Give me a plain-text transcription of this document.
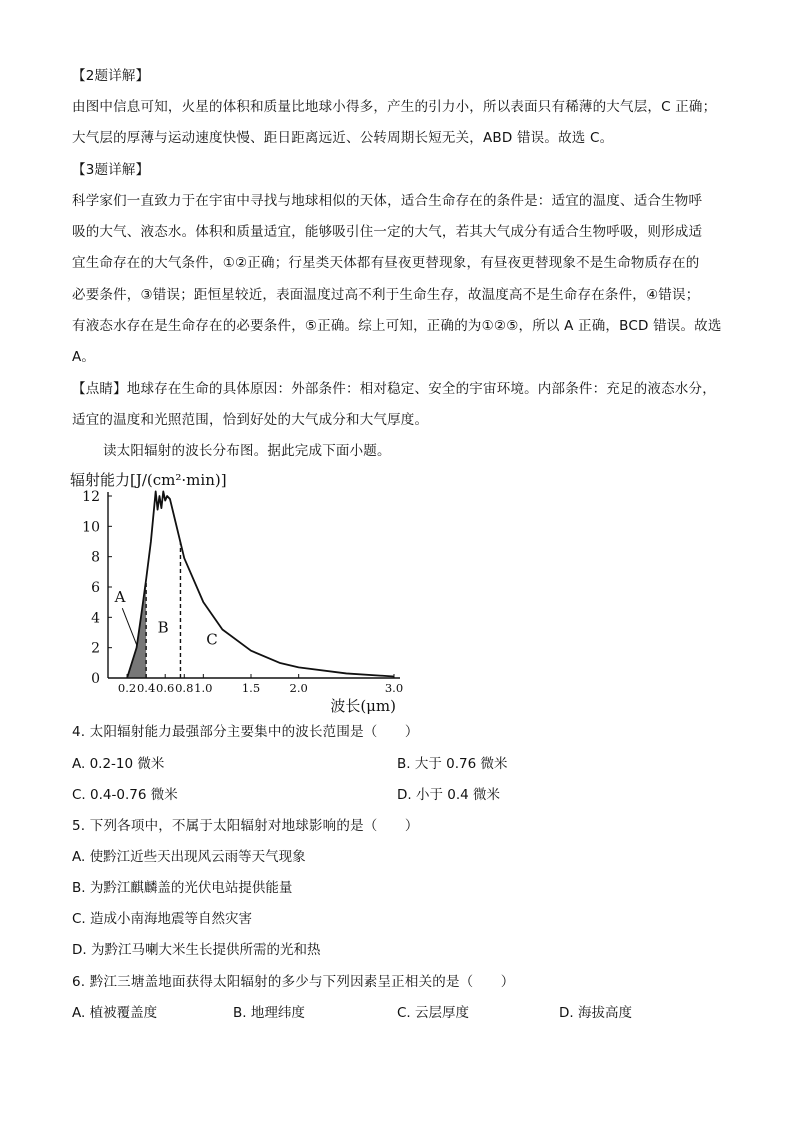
【2题详解】
由图中信息可知，火星的体积和质量比地球小得多，产生的引力小，所以表面只有稀薄的大气层，C 正确；
大气层的厚薄与运动速度快慢、距日距离远近、公转周期长短无关，ABD 错误。故选 C。
【3题详解】
科学家们一直致力于在宇宙中寻找与地球相似的天体，适合生命存在的条件是：适宜的温度、适合生物呼
吸的大气、液态水。体积和质量适宜，能够吸引住一定的大气，若其大气成分有适合生物呼吸，则形成适
宜生命存在的大气条件，①②正确；行星类天体都有昼夜更替现象，有昼夜更替现象不是生命物质存在的
必要条件，③错误；距恒星较近，表面温度过高不利于生命生存，故温度高不是生命存在条件，④错误；
有液态水存在是生命存在的必要条件，⑤正确。综上可知，正确的为①②⑤，所以 A 正确，BCD 错误。故选
A。
【点睛】地球存在生命的具体原因：外部条件：相对稳定、安全的宇宙环境。内部条件：充足的液态水分，
适宜的温度和光照范围，恰到好处的大气成分和大气厚度。
读太阳辐射的波长分布图。据此完成下面小题。
0
2
4
6
8
10
12
0.2 0.4 0.6 0.8 1.0	1.5	2.0	3.0
辐射能力[J/(cm²·min)]
波长(μm)
A
B
C
4. 太阳辐射能力最强部分主要集中的波长范围是（　　）
A. 0.2-10 微米	B. 大于 0.76 微米
C. 0.4-0.76 微米	D. 小于 0.4 微米
5. 下列各项中，不属于太阳辐射对地球影响的是（　　）
A. 使黔江近些天出现风云雨等天气现象
B. 为黔江麒麟盖的光伏电站提供能量
C. 造成小南海地震等自然灾害
D. 为黔江马喇大米生长提供所需的光和热
6. 黔江三塘盖地面获得太阳辐射的多少与下列因素呈正相关的是（　　）
A. 植被覆盖度	B. 地理纬度	C. 云层厚度	D. 海拔高度
